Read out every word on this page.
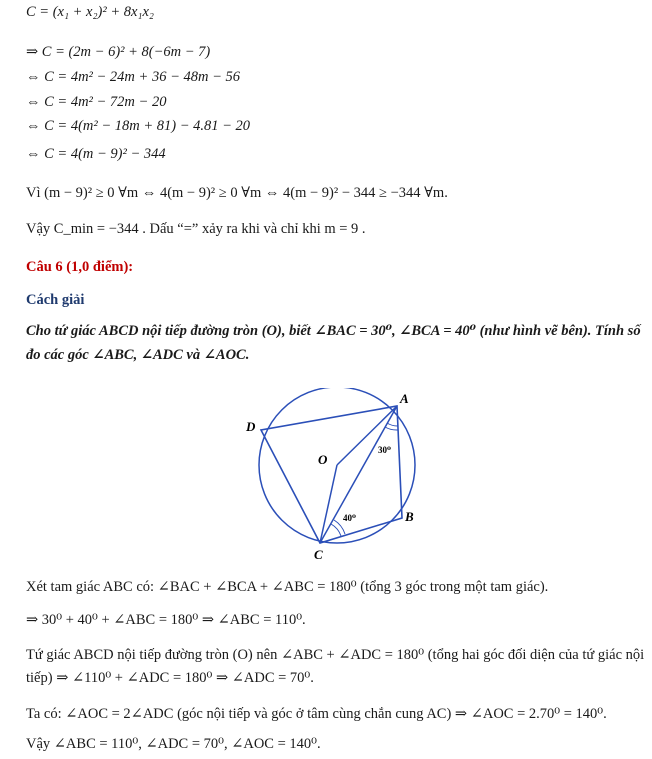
C = (x₁ + x₂)² + 8x₁x₂
⇒ C = (2m − 6)² + 8(−6m − 7)
⇔ C = 4m² − 24m + 36 − 48m − 56
⇔ C = 4m² − 72m − 20
⇔ C = 4(m² − 18m + 81) − 4.81 − 20
⇔ C = 4(m − 9)² − 344
Vì (m − 9)² ≥ 0 ∀m ⇔ 4(m − 9)² ≥ 0 ∀m ⇔ 4(m − 9)² − 344 ≥ −344 ∀m.
Vậy C_min = −344 . Dấu “=” xảy ra khi và chỉ khi m = 9 .
Câu 6 (1,0 điểm):
Cách giải
Cho tứ giác ABCD nội tiếp đường tròn (O), biết ∠BAC = 30⁰, ∠BCA = 40⁰ (như hình vẽ bên). Tính số
đo các góc ∠ABC, ∠ADC và ∠AOC.
A
B
C
D
O
30⁰
40⁰
Xét tam giác ABC có: ∠BAC + ∠BCA + ∠ABC = 180⁰ (tổng 3 góc trong một tam giác).
⇒ 30⁰ + 40⁰ + ∠ABC = 180⁰ ⇒ ∠ABC = 110⁰.
Tứ giác ABCD nội tiếp đường tròn (O) nên ∠ABC + ∠ADC = 180⁰ (tổng hai góc đối diện của tứ giác nội
tiếp) ⇒ ∠110⁰ + ∠ADC = 180⁰ ⇒ ∠ADC = 70⁰.
Ta có: ∠AOC = 2∠ADC (góc nội tiếp và góc ở tâm cùng chắn cung AC) ⇒ ∠AOC = 2.70⁰ = 140⁰.
Vậy ∠ABC = 110⁰, ∠ADC = 70⁰, ∠AOC = 140⁰.
